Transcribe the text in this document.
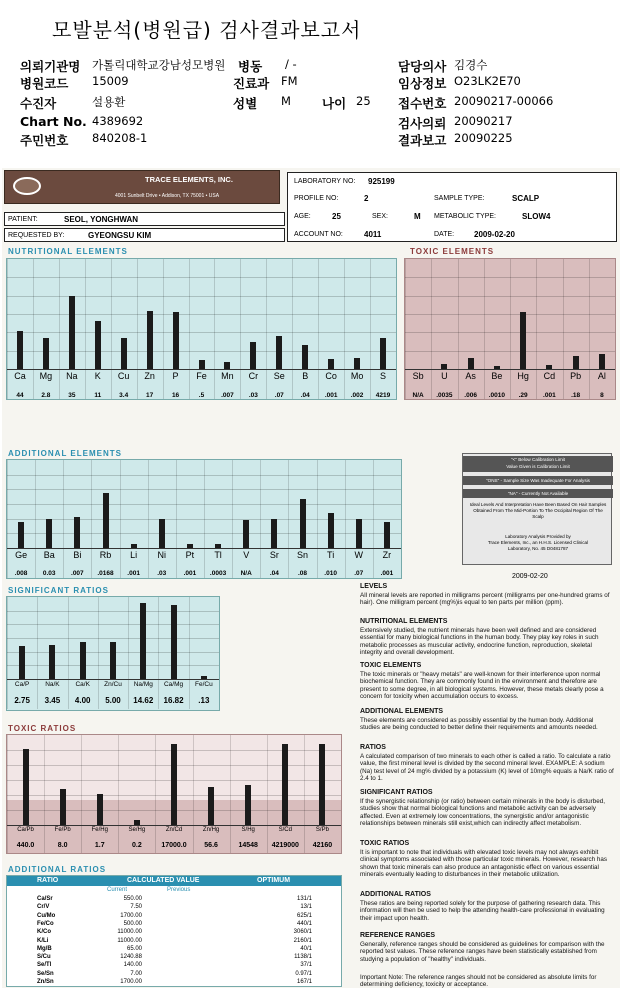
모발분석(병원급) 검사결과보고서
의뢰기관명 가톨릭대학교강남성모병원 병동 / -	담당의사 김경수
병원코드 15009	진료과 FM	임상정보 O23LK2E70
수진자	설용환	성별 M 나이 25 접수번호 20090217-00066
Chart No. 4389692	검사의뢰 20090217
주민번호 840208-1	결과보고 20090225
TRACE ELEMENTS, INC.
4001 Sunbelt Drive • Addison, TX 75001 • USA
LABORATORY NO: 925199
PROFILE NO:	2	SAMPLE TYPE:	SCALP
AGE:	25	SEX:	M METABOLIC TYPE:	SLOW4
ACCOUNT NO:	4011	DATE: 2009-02-20
PATIENT:	SEOL, YONGHWAN
REQUESTED BY:	GYEONGSU KIM
NUTRITIONAL ELEMENTS
Ca
44
Mg
2.8
Na
35
K
11
Cu
3.4
Zn
17
P
16
Fe
.5
Mn
.007
Cr
.03
Se
.07
B
.04
Co
.001
Mo
.002
S
4219
TOXIC ELEMENTS
Sb
N/A
U
.0035
As
.006
Be
.0010
Hg
.29
Cd
.001
Pb
.18
Al
8
ADDITIONAL ELEMENTS
Ge
.008
Ba
0.03
Bi
.007
Rb
.0168
Li
.001
Ni
.03
Pt
.001
Tl
.0003
V
N/A
Sr
.04
Sn
.08
Ti
.010
W
.07
Zr
.001
"<" Below Calibration Limit
Value Given is Calibration Limit
"ONS" - Sample Size Was Inadequate For Analysis
"NA" - Currently Not Available
Ideal Levels And Interpretation Have Been Based On Hair Samples Obtained From The Mid-Portion To The Occipital Region Of The Scalp
Laboratory Analysis Provided by
Trace Elements, Inc., an H.H.S. Licensed Clinical
Laboratory, No. 45 D0481787
2009-02-20
SIGNIFICANT RATIOS
Ca/P
2.75
Na/K
3.45
Ca/K
4.00
Zn/Cu
5.00
Na/Mg
14.62
Ca/Mg
16.82
Fe/Cu
.13
TOXIC RATIOS
Ca/Pb
440.0
Fe/Pb
8.0
Fe/Hg
1.7
Se/Hg
0.2
Zn/Cd
17000.0
Zn/Hg
56.6
S/Hg
14548
S/Cd
4219000
S/Pb
42160
ADDITIONAL RATIOS
RATIO	CALCULATED VALUE	OPTIMUM
Current	Previous
Ca/Sr	550.00	131/1
Cr/V	7.50	13/1
Cu/Mo	1700.00	625/1
Fe/Co	500.00	440/1
K/Co	11000.00	3060/1
K/Li	11000.00	2160/1
Mg/B	65.00	40/1
S/Cu	1240.88	1138/1
Se/Tl	140.00	37/1
Se/Sn	7.00	0.97/1
Zn/Sn	1700.00	167/1
LEVELS
All mineral levels are reported in milligrams percent (milligrams per one-hundred grams of hair). One milligram percent (mg%)is equal to ten parts per million (ppm).
NUTRITIONAL ELEMENTS
Extensively studied, the nutrient minerals have been well defined and are considered essential for many biological functions in the human body. They play key roles in such metabolic processes as muscular activity, endocrine function, reproduction, skeletal integrity and overall development.
TOXIC ELEMENTS
The toxic minerals or "heavy metals" are well-known for their interference upon normal biochemical function. They are commonly found in the environment and therefore are present to some degree, in all biological systems. However, these metals clearly pose a concern for toxicity when accumulation occurs to excess.
ADDITIONAL ELEMENTS
These elements are considered as possibly essential by the human body. Additional studies are being conducted to better define their requirements and amounts needed.
RATIOS
A calculated comparison of two minerals to each other is called a ratio. To calculate a ratio value, the first mineral level is divided by the second mineral level. EXAMPLE: A sodium (Na) test level of 24 mg% divided by a potassium (K) level of 10mg% equals a Na/K ratio of 2.4 to 1.
SIGNIFICANT RATIOS
If the synergistic relationship (or ratio) between certain minerals in the body is disturbed, studies show that normal biological functions and metabolic activity can be adversely affected. Even at extremely low concentrations, the synergistic and/or antagonistic relationships between minerals still exist,which can indirectly affect metabolism.
TOXIC RATIOS
It is important to note that individuals with elevated toxic levels may not always exhibit clinical symptoms associated with those particular toxic minerals. However, research has shown that toxic minerals can also produce an antagonistic effect on various essential minerals eventually leading to disturbances in their metabolic utilization.
ADDITIONAL RATIOS
These ratios are being reported solely for the purpose of gathering research data. This information will then be used to help the attending health-care professional in evaluating their impact upon health.
REFERENCE RANGES
Generally, reference ranges should be considered as guidelines for comparison with the reported test values. These reference ranges have been statistically established from studying a population of "healthy" individuals.
Important Note: The reference ranges should not be considered as absolute limits for determining deficiency, toxicity or acceptance.
